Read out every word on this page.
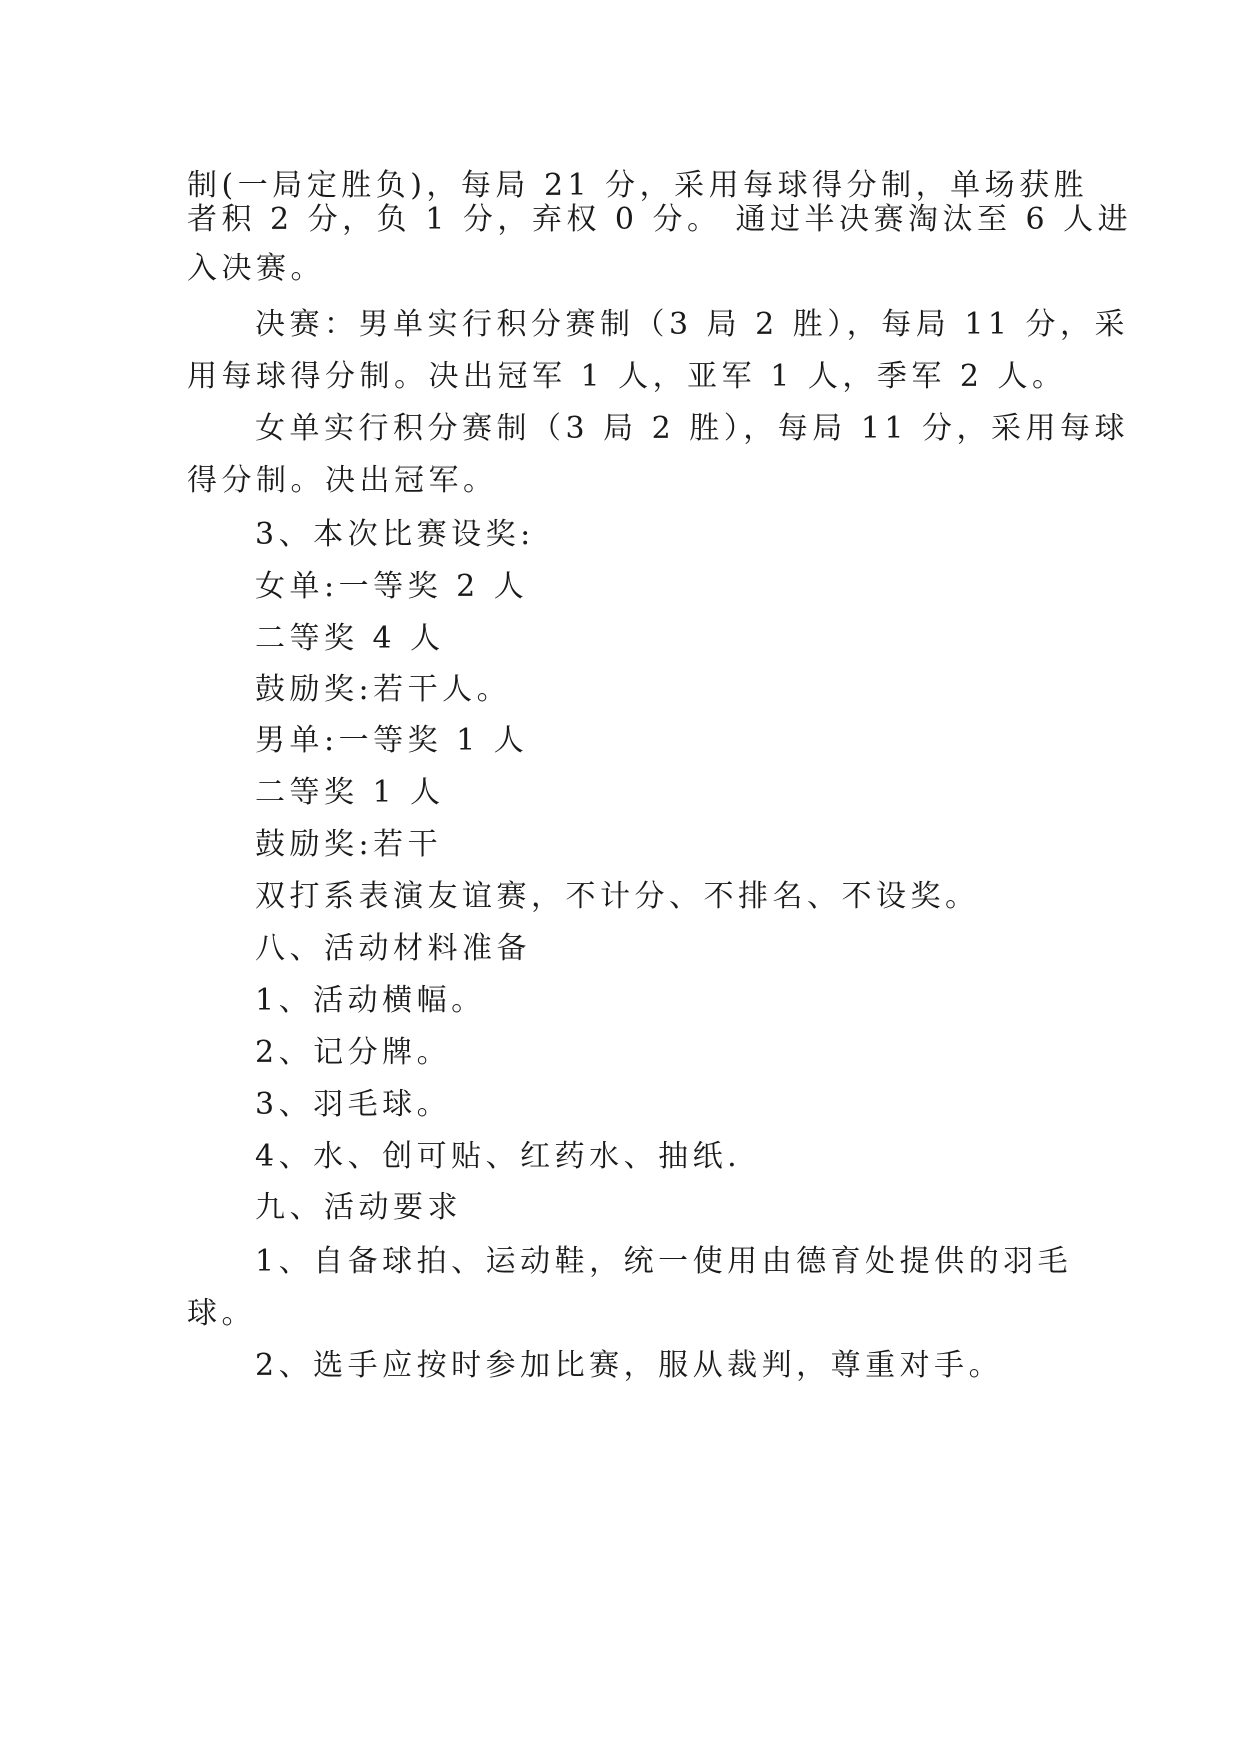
制(一局定胜负)，每局 21 分，采用每球得分制，单场获胜
者积 2 分，负 1 分，弃权 0 分。 通过半决赛淘汰至 6 人进
入决赛。
决赛：男单实行积分赛制（3 局 2 胜），每局 11 分，采
用每球得分制。决出冠军 1 人，亚军 1 人，季军 2 人。
女单实行积分赛制（3 局 2 胜），每局 11 分，采用每球
得分制。决出冠军。
3、本次比赛设奖:
女单:一等奖 2 人
二等奖 4 人
鼓励奖:若干人。
男单:一等奖 1 人
二等奖 1 人
鼓励奖:若干
双打系表演友谊赛，不计分、不排名、不设奖。
八、活动材料准备
1、活动横幅。
2、记分牌。
3、羽毛球。
4、水、创可贴、红药水、抽纸.
九、活动要求
1、自备球拍、运动鞋，统一使用由德育处提供的羽毛
球。
2、选手应按时参加比赛，服从裁判，尊重对手。
